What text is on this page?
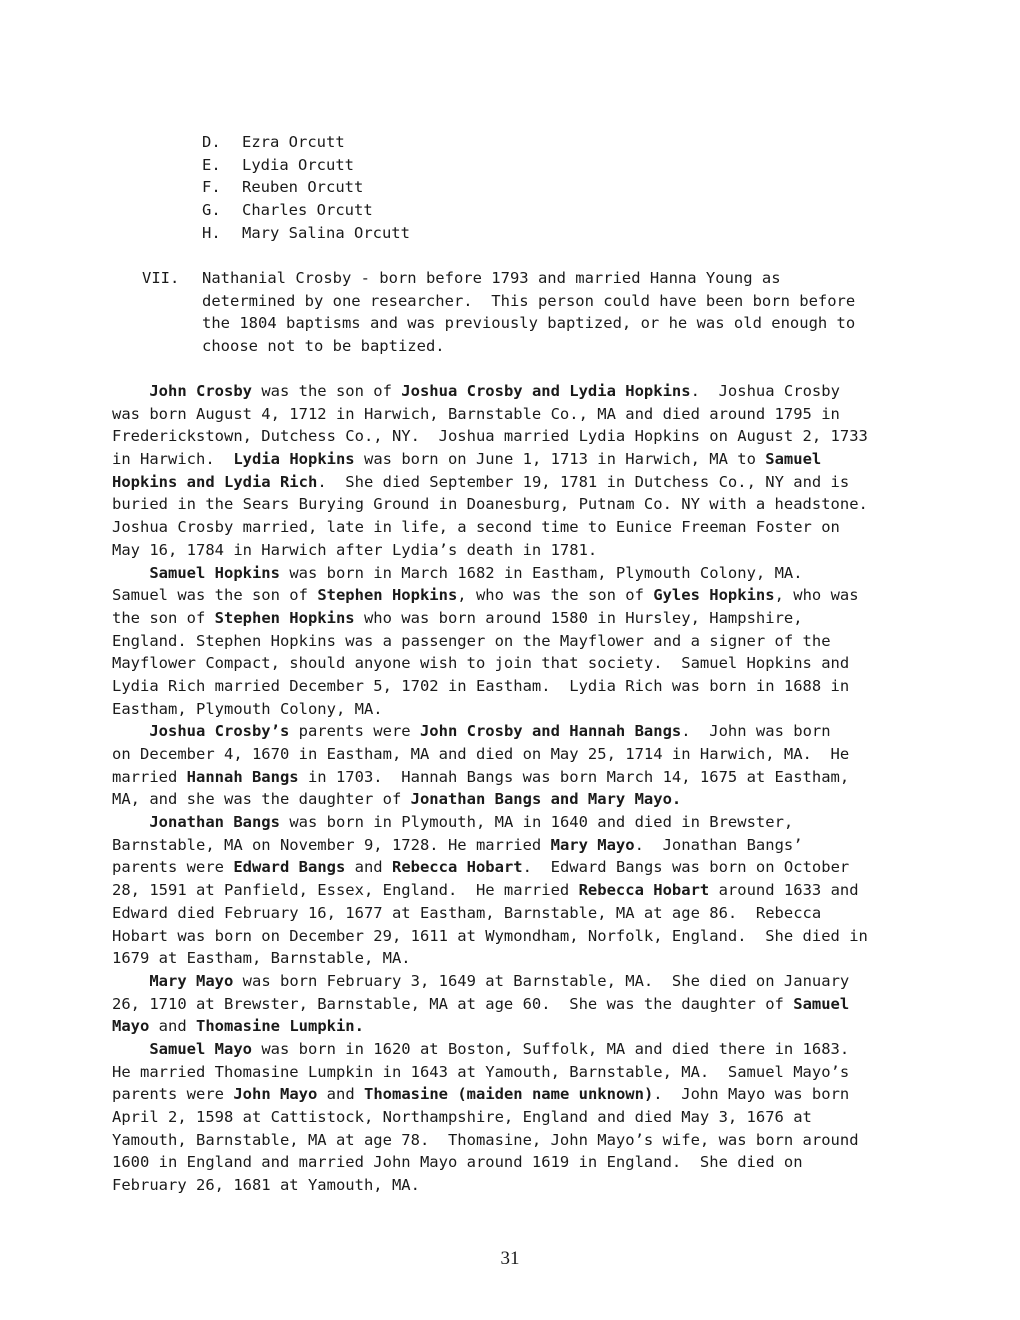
D. Ezra Orcutt
E. Lydia Orcutt
F. Reuben Orcutt
G. Charles Orcutt
H. Mary Salina Orcutt

VII.

Nathanial Crosby - born before 1793 and married Hanna Young as
determined by one researcher.  This person could have been born before
the 1804 baptisms and was previously baptized, or he was old enough to
choose not to be baptized.

John Crosby was the son of Joshua Crosby and Lydia Hopkins.  Joshua Crosby
was born August 4, 1712 in Harwich, Barnstable Co., MA and died around 1795 in
Frederickstown, Dutchess Co., NY.  Joshua married Lydia Hopkins on August 2, 1733
in Harwich.  Lydia Hopkins was born on June 1, 1713 in Harwich, MA to Samuel
Hopkins and Lydia Rich.  She died September 19, 1781 in Dutchess Co., NY and is
buried in the Sears Burying Ground in Doanesburg, Putnam Co. NY with a headstone.
Joshua Crosby married, late in life, a second time to Eunice Freeman Foster on
May 16, 1784 in Harwich after Lydia’s death in 1781.
Samuel Hopkins was born in March 1682 in Eastham, Plymouth Colony, MA.
Samuel was the son of Stephen Hopkins, who was the son of Gyles Hopkins, who was
the son of Stephen Hopkins who was born around 1580 in Hursley, Hampshire,
England. Stephen Hopkins was a passenger on the Mayflower and a signer of the
Mayflower Compact, should anyone wish to join that society.  Samuel Hopkins and
Lydia Rich married December 5, 1702 in Eastham.  Lydia Rich was born in 1688 in
Eastham, Plymouth Colony, MA.
Joshua Crosby’s parents were John Crosby and Hannah Bangs.  John was born
on December 4, 1670 in Eastham, MA and died on May 25, 1714 in Harwich, MA.  He
married Hannah Bangs in 1703.  Hannah Bangs was born March 14, 1675 at Eastham,
MA, and she was the daughter of Jonathan Bangs and Mary Mayo.
Jonathan Bangs was born in Plymouth, MA in 1640 and died in Brewster,
Barnstable, MA on November 9, 1728. He married Mary Mayo.  Jonathan Bangs’
parents were Edward Bangs and Rebecca Hobart.  Edward Bangs was born on October
28, 1591 at Panfield, Essex, England.  He married Rebecca Hobart around 1633 and
Edward died February 16, 1677 at Eastham, Barnstable, MA at age 86.  Rebecca
Hobart was born on December 29, 1611 at Wymondham, Norfolk, England.  She died in
1679 at Eastham, Barnstable, MA.
Mary Mayo was born February 3, 1649 at Barnstable, MA.  She died on January
26, 1710 at Brewster, Barnstable, MA at age 60.  She was the daughter of Samuel
Mayo and Thomasine Lumpkin.
Samuel Mayo was born in 1620 at Boston, Suffolk, MA and died there in 1683.
He married Thomasine Lumpkin in 1643 at Yamouth, Barnstable, MA.  Samuel Mayo’s
parents were John Mayo and Thomasine (maiden name unknown).  John Mayo was born
April 2, 1598 at Cattistock, Northampshire, England and died May 3, 1676 at
Yamouth, Barnstable, MA at age 78.  Thomasine, John Mayo’s wife, was born around
1600 in England and married John Mayo around 1619 in England.  She died on
February 26, 1681 at Yamouth, MA.
31
